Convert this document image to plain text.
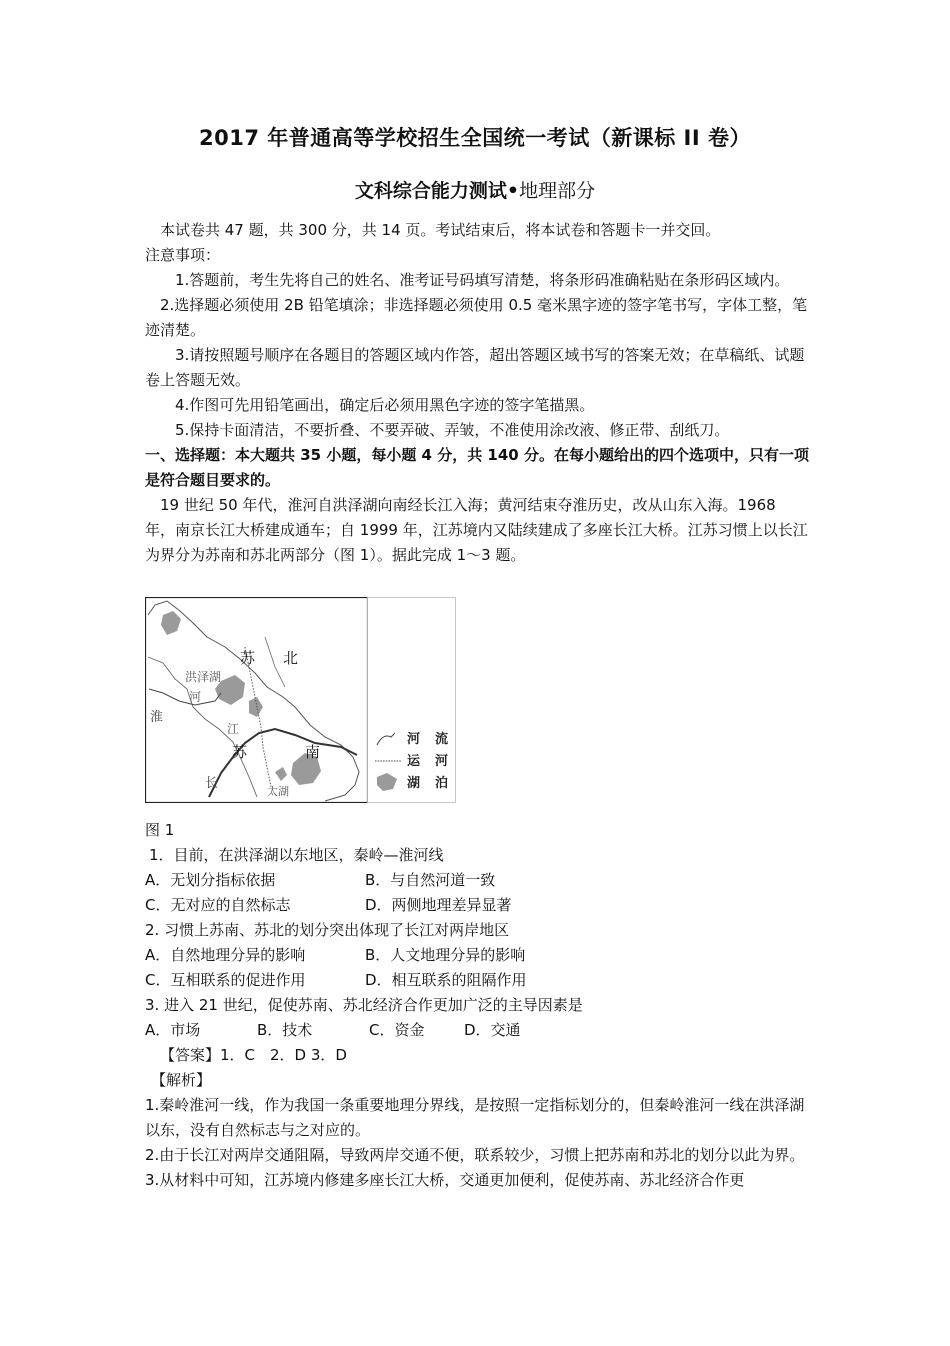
2017 年普通高等学校招生全国统一考试（新课标 II 卷）
文科综合能力测试•地理部分

本试卷共 47 题，共 300 分，共 14 页。考试结束后，将本试卷和答题卡一并交回。

注意事项：

1.答题前，考生先将自己的姓名、准考证号码填写清楚，将条形码准确粘贴在条形码区域内。

2.选择题必须使用 2B 铅笔填涂；非选择题必须使用 0.5 毫米黑字迹的签字笔书写，字体工整，笔迹清楚。

3.请按照题号顺序在各题目的答题区域内作答，超出答题区域书写的答案无效；在草稿纸、试题卷上答题无效。

4.作图可先用铅笔画出，确定后必须用黑色字迹的签字笔描黑。

5.保持卡面清洁，不要折叠、不要弄破、弄皱，不准使用涂改液、修正带、刮纸刀。

一、选择题：本大题共 35 小题，每小题 4 分，共 140 分。在每小题给出的四个选项中，只有一项是符合题目要求的。

19 世纪 50 年代，淮河自洪泽湖向南经长江入海；黄河结束夺淮历史，改从山东入海。1968 年，南京长江大桥建成通车；自 1999 年，江苏境内又陆续建成了多座长江大桥。江苏习惯上以长江为界分为苏南和苏北两部分（图 1）。据此完成 1～3 题。

苏 北
洪泽湖
河
淮
江
长
苏	南
太湖
河 流
运 河
湖 泊

图 1

1．目前，在洪泽湖以东地区，秦岭—淮河线

A．无划分指标依据	B．与自然河道一致
C．无对应的自然标志	D．两侧地理差异显著

2. 习惯上苏南、苏北的划分突出体现了长江对两岸地区

A．自然地理分异的影响	B．人文地理分异的影响
C．互相联系的促进作用	D．相互联系的阻隔作用

3. 进入 21 世纪，促使苏南、苏北经济合作更加广泛的主导因素是

A．市场	B．技术	C．资金	D．交通

【答案】1．C　2．D 3．D

【解析】

1.秦岭淮河一线，作为我国一条重要地理分界线，是按照一定指标划分的，但秦岭淮河一线在洪泽湖以东，没有自然标志与之对应的。

2.由于长江对两岸交通阻隔，导致两岸交通不便，联系较少，习惯上把苏南和苏北的划分以此为界。

3.从材料中可知，江苏境内修建多座长江大桥，交通更加便利，促使苏南、苏北经济合作更
